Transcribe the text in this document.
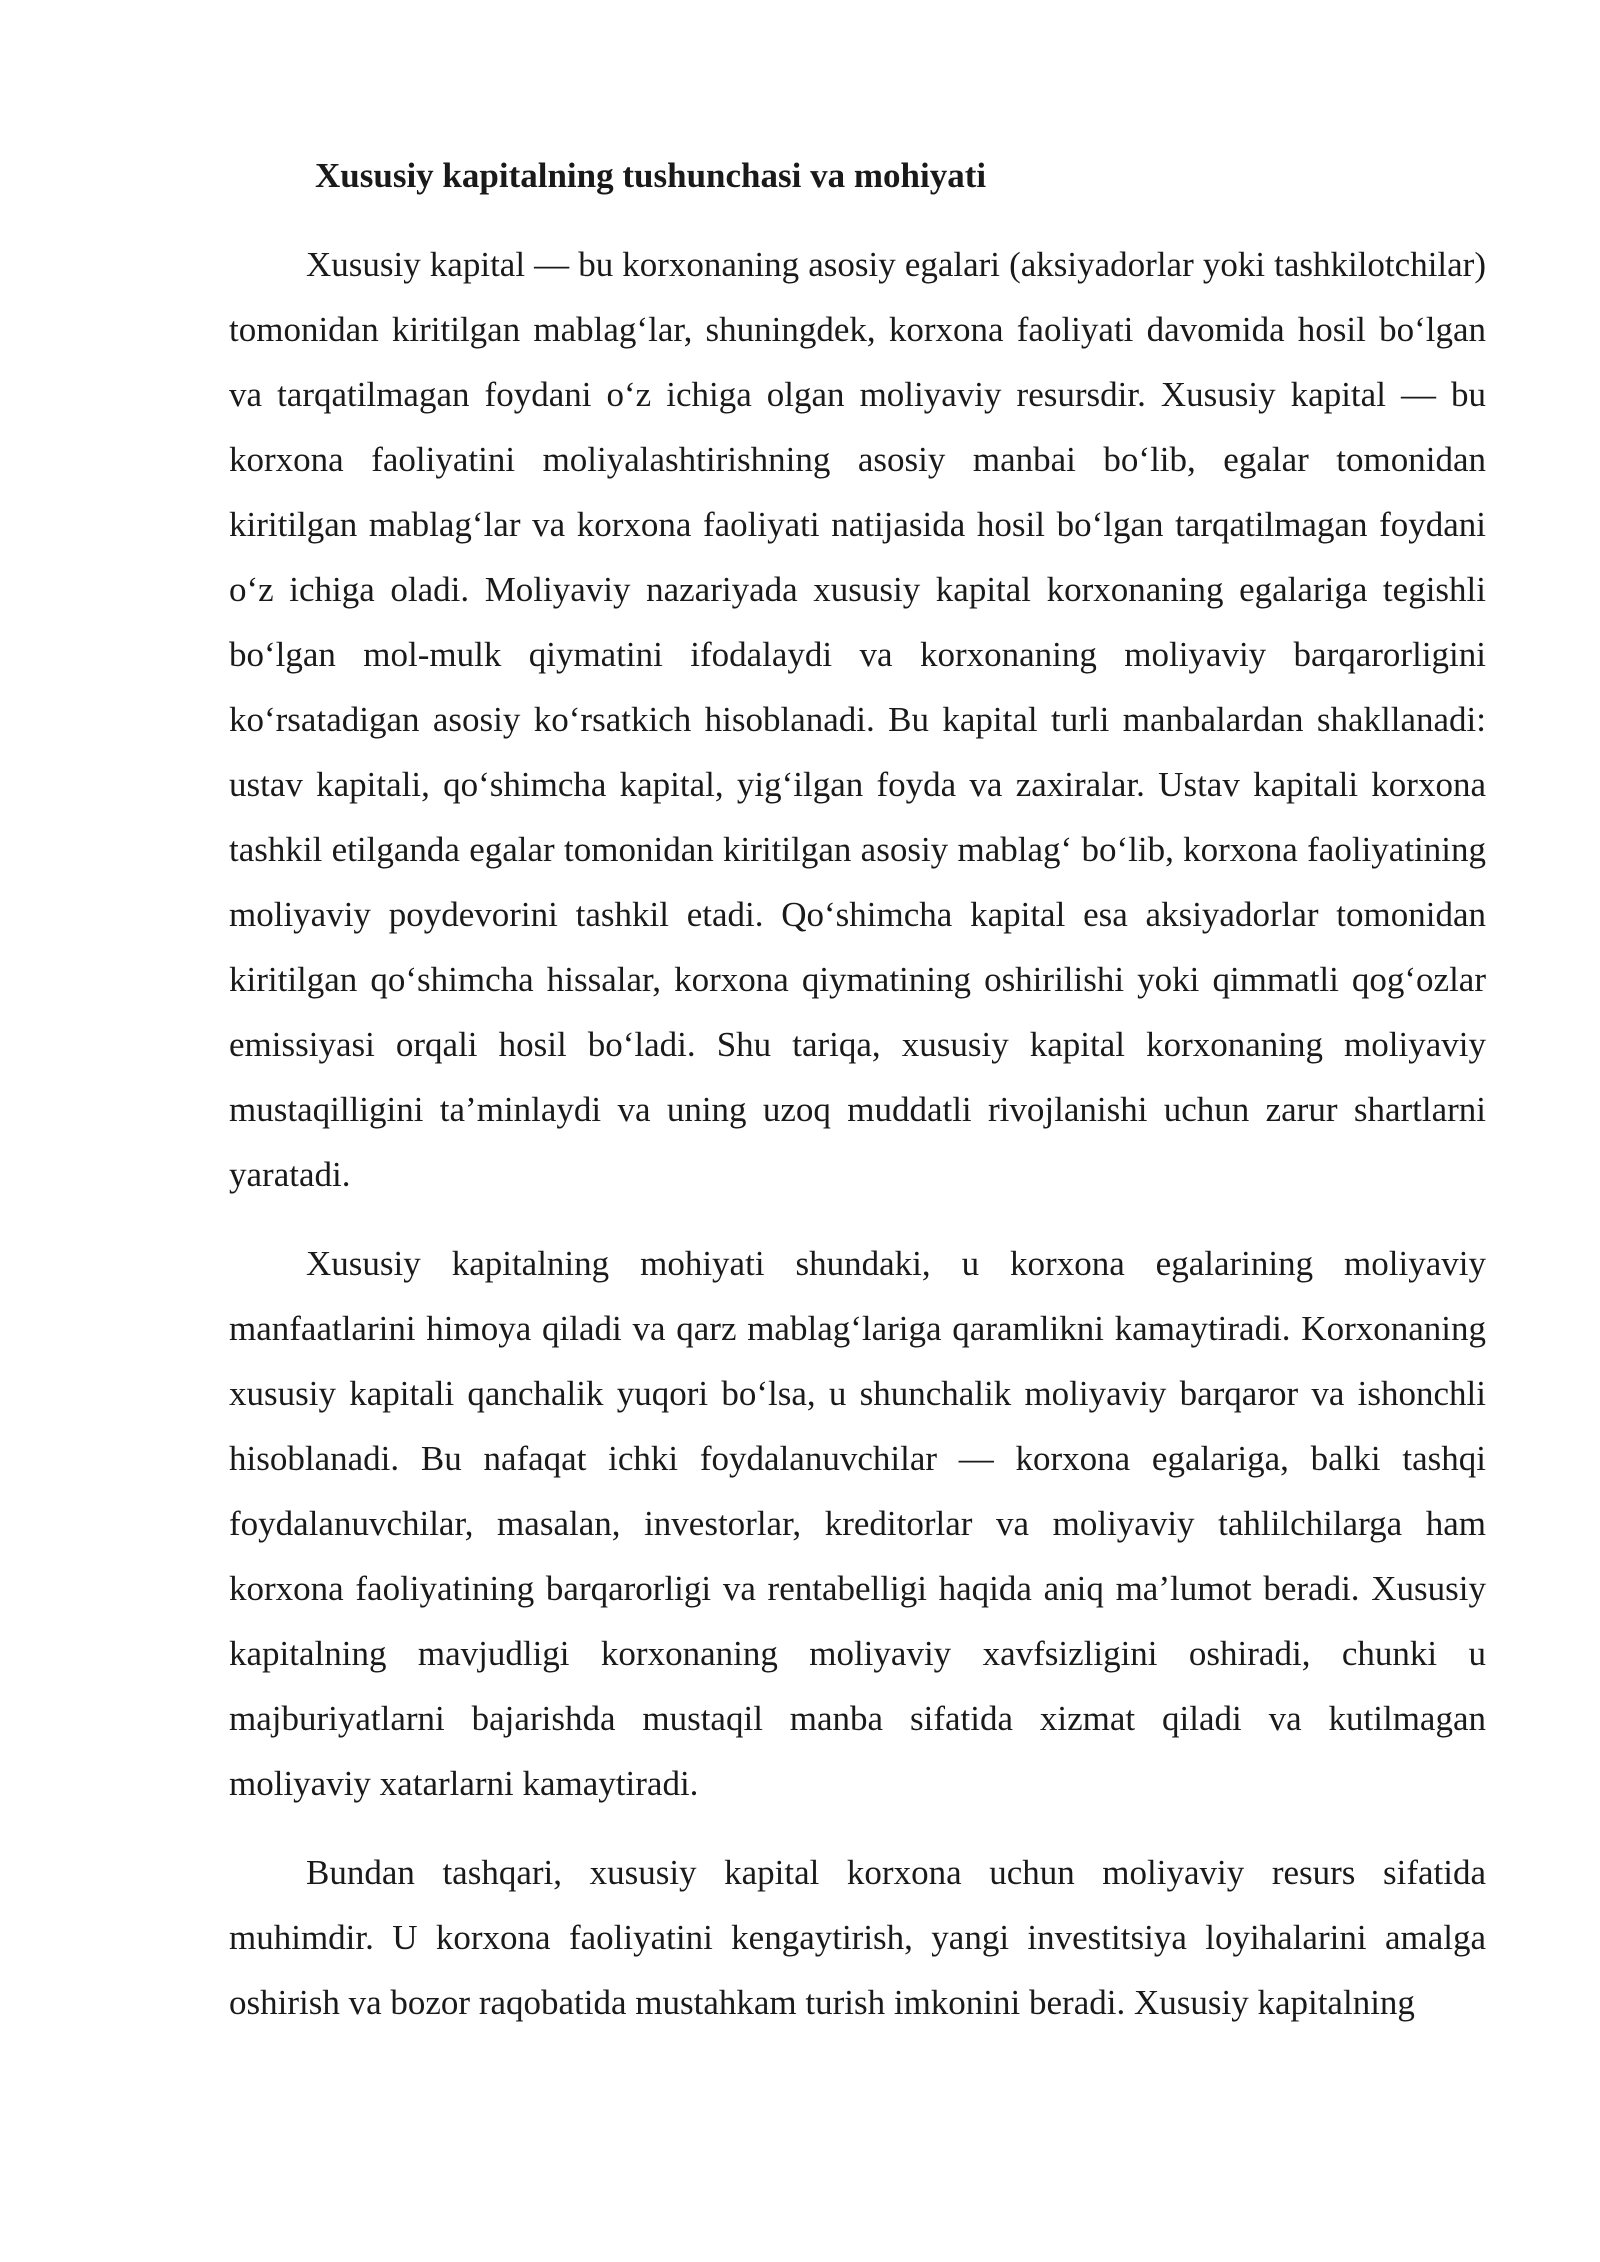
Xususiy kapitalning tushunchasi va mohiyati

Xususiy kapital — bu korxonaning asosiy egalari (aksiyadorlar yoki tashkilotchilar) tomonidan kiritilgan mablag‘lar, shuningdek, korxona faoliyati davomida hosil bo‘lgan va tarqatilmagan foydani o‘z ichiga olgan moliyaviy resursdir. Xususiy kapital — bu korxona faoliyatini moliyalashtirishning asosiy manbai bo‘lib, egalar tomonidan kiritilgan mablag‘lar va korxona faoliyati natijasida hosil bo‘lgan tarqatilmagan foydani o‘z ichiga oladi. Moliyaviy nazariyada xususiy kapital korxonaning egalariga tegishli bo‘lgan mol-mulk qiymatini ifodalaydi va korxonaning moliyaviy barqarorligini ko‘rsatadigan asosiy ko‘rsatkich hisoblanadi. Bu kapital turli manbalardan shakllanadi: ustav kapitali, qo‘shimcha kapital, yig‘ilgan foyda va zaxiralar. Ustav kapitali korxona tashkil etilganda egalar tomonidan kiritilgan asosiy mablag‘ bo‘lib, korxona faoliyatining moliyaviy poydevorini tashkil etadi. Qo‘shimcha kapital esa aksiyadorlar tomonidan kiritilgan qo‘shimcha hissalar, korxona qiymatining oshirilishi yoki qimmatli qog‘ozlar emissiyasi orqali hosil bo‘ladi. Shu tariqa, xususiy kapital korxonaning moliyaviy mustaqilligini ta’minlaydi va uning uzoq muddatli rivojlanishi uchun zarur shartlarni yaratadi.

Xususiy kapitalning mohiyati shundaki, u korxona egalarining moliyaviy manfaatlarini himoya qiladi va qarz mablag‘lariga qaramlikni kamaytiradi. Korxonaning xususiy kapitali qanchalik yuqori bo‘lsa, u shunchalik moliyaviy barqaror va ishonchli hisoblanadi. Bu nafaqat ichki foydalanuvchilar — korxona egalariga, balki tashqi foydalanuvchilar, masalan, investorlar, kreditorlar va moliyaviy tahlilchilarga ham korxona faoliyatining barqarorligi va rentabelligi haqida aniq ma’lumot beradi. Xususiy kapitalning mavjudligi korxonaning moliyaviy xavfsizligini oshiradi, chunki u majburiyatlarni bajarishda mustaqil manba sifatida xizmat qiladi va kutilmagan moliyaviy xatarlarni kamaytiradi.

Bundan tashqari, xususiy kapital korxona uchun moliyaviy resurs sifatida muhimdir. U korxona faoliyatini kengaytirish, yangi investitsiya loyihalarini amalga oshirish va bozor raqobatida mustahkam turish imkonini beradi. Xususiy kapitalning
